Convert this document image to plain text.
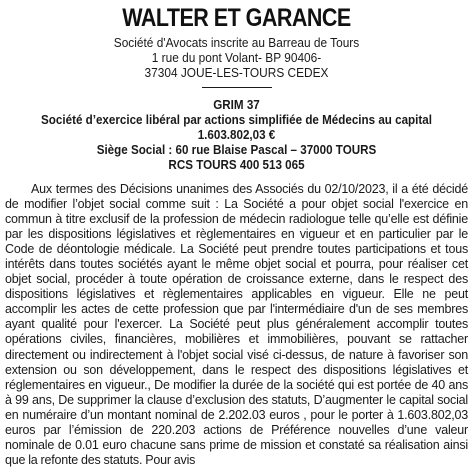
WALTER ET GARANCE
Société d'Avocats inscrite au Barreau de Tours
1 rue du pont Volant- BP 90406-
37304 JOUE-LES-TOURS CEDEX
GRIM 37
Société d’exercice libéral par actions simplifiée de Médecins au capital
1.603.802,03 €
Siège Social : 60 rue Blaise Pascal – 37000 TOURS
RCS TOURS 400 513 065

Aux termes des Décisions unanimes des Associés du 02/10/2023, il a été décidé de modifier l’objet social comme suit : La Société a pour objet social l'exercice en commun à titre exclusif de la profession de médecin radiologue telle qu’elle est définie par les dispositions législatives et règlementaires en vigueur et en particulier par le Code de déontologie médicale. La Société peut prendre toutes participations et tous intérêts dans toutes sociétés ayant le même objet social et pourra, pour réaliser cet objet social, procéder à toute opération de croissance externe, dans le respect des dispositions législatives et règlementaires applicables en vigueur. Elle ne peut accomplir les actes de cette profession que par l'intermédiaire d'un de ses membres ayant qualité pour l'exercer. La Société peut plus généralement accomplir toutes opérations civiles, financières, mobilières et immobilières, pouvant se rattacher directement ou indirectement à l'objet social visé ci-dessus, de nature à favoriser son extension ou son développement, dans le respect des dispositions législatives et réglementaires en vigueur., De modifier la durée de la société qui est portée de 40 ans à 99 ans, De supprimer la clause d’exclusion des statuts, D’augmenter le capital social en numéraire d’un montant nominal de 2.202.03 euros , pour le porter à 1.603.802,03 euros par l’émission de 220.203 actions de Préférence nouvelles d’une valeur nominale de 0.01 euro chacune sans prime de mission et constaté sa réalisation ainsi que la refonte des statuts. Pour avis
